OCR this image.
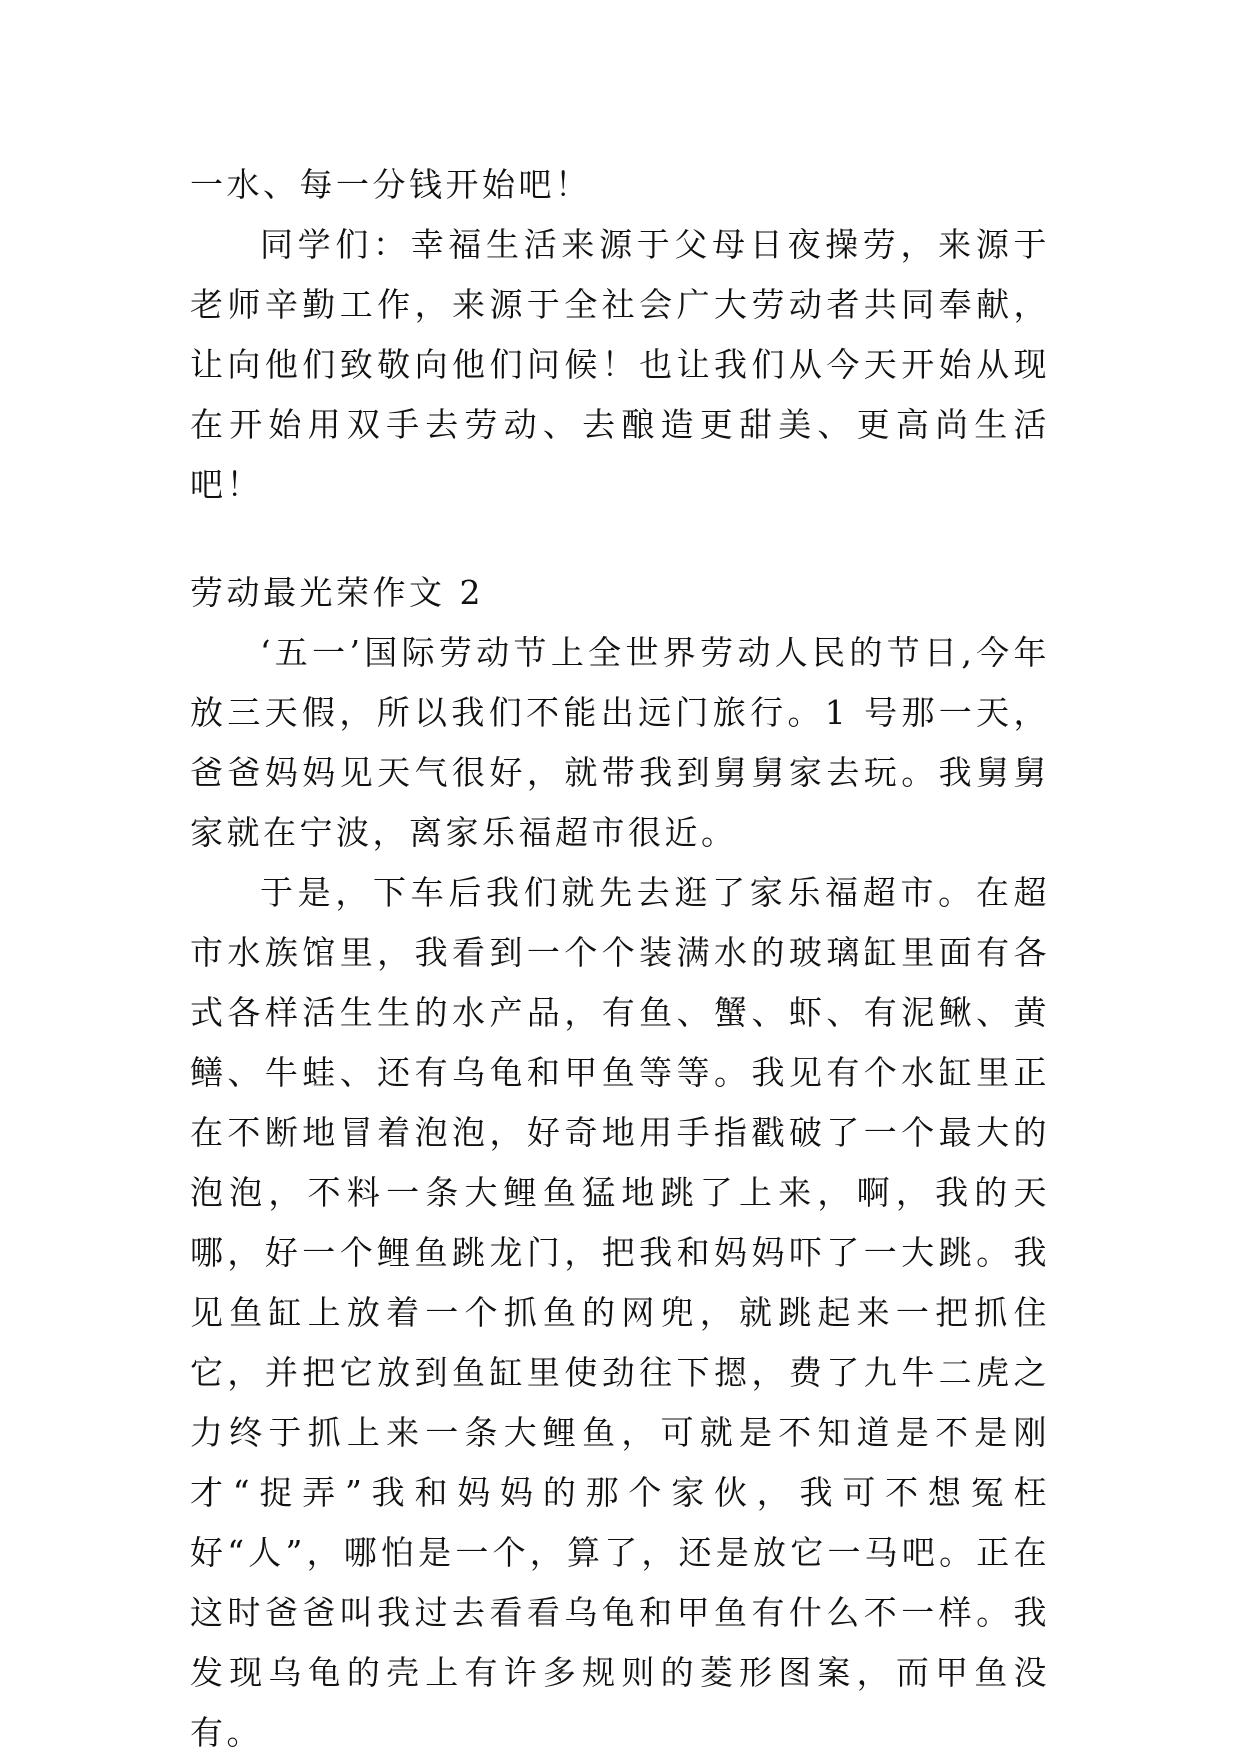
一水、每一分钱开始吧！

同学们：幸福生活来源于父母日夜操劳，来源于老师辛勤工作，来源于全社会广大劳动者共同奉献，让向他们致敬向他们问候！也让我们从今天开始从现在开始用双手去劳动、去酿造更甜美、更高尚生活吧！

劳动最光荣作文 2

‘五一’国际劳动节上全世界劳动人民的节日,今年放三天假，所以我们不能出远门旅行。1 号那一天，爸爸妈妈见天气很好，就带我到舅舅家去玩。我舅舅家就在宁波，离家乐福超市很近。

于是，下车后我们就先去逛了家乐福超市。在超市水族馆里，我看到一个个装满水的玻璃缸里面有各式各样活生生的水产品，有鱼、蟹、虾、有泥鳅、黄鳝、牛蛙、还有乌龟和甲鱼等等。我见有个水缸里正在不断地冒着泡泡，好奇地用手指戳破了一个最大的泡泡，不料一条大鲤鱼猛地跳了上来，啊，我的天哪，好一个鲤鱼跳龙门，把我和妈妈吓了一大跳。我见鱼缸上放着一个抓鱼的网兜，就跳起来一把抓住它，并把它放到鱼缸里使劲往下摁，费了九牛二虎之力终于抓上来一条大鲤鱼，可就是不知道是不是刚才“捉弄”我和妈妈的那个家伙，我可不想冤枉好“人”，哪怕是一个，算了，还是放它一马吧。正在这时爸爸叫我过去看看乌龟和甲鱼有什么不一样。我发现乌龟的壳上有许多规则的菱形图案，而甲鱼没有。
